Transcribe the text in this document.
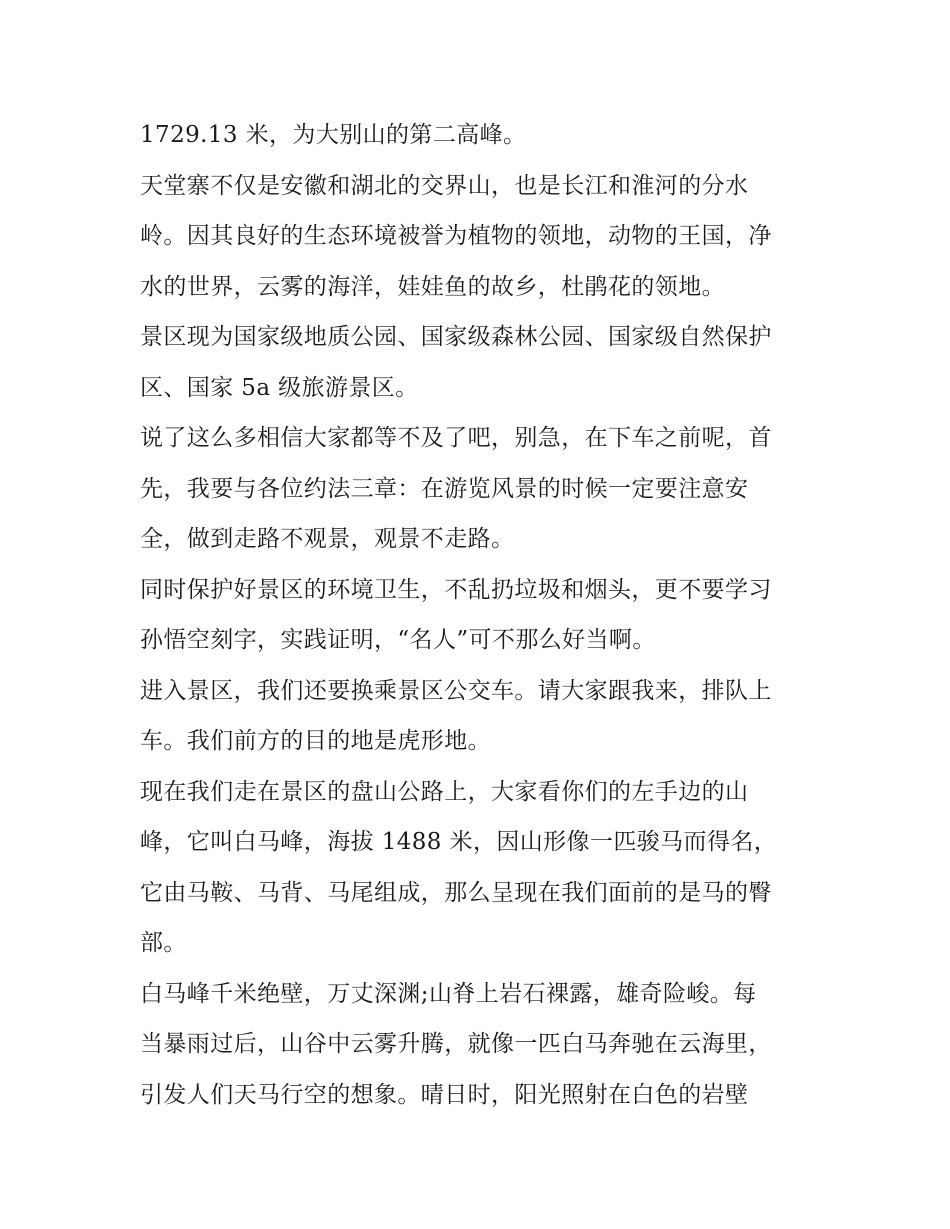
1729.13 米，为大别山的第二高峰。
天堂寨不仅是安徽和湖北的交界山，也是长江和淮河的分水
岭。因其良好的生态环境被誉为植物的领地，动物的王国，净
水的世界，云雾的海洋，娃娃鱼的故乡，杜鹃花的领地。
景区现为国家级地质公园、国家级森林公园、国家级自然保护
区、国家 5a 级旅游景区。
说了这么多相信大家都等不及了吧，别急，在下车之前呢，首
先，我要与各位约法三章：在游览风景的时候一定要注意安
全，做到走路不观景，观景不走路。
同时保护好景区的环境卫生，不乱扔垃圾和烟头，更不要学习
孙悟空刻字，实践证明，“名人”可不那么好当啊。
进入景区，我们还要换乘景区公交车。请大家跟我来，排队上
车。我们前方的目的地是虎形地。
现在我们走在景区的盘山公路上，大家看你们的左手边的山
峰，它叫白马峰，海拔 1488 米，因山形像一匹骏马而得名，
它由马鞍、马背、马尾组成，那么呈现在我们面前的是马的臀
部。
白马峰千米绝壁，万丈深渊;山脊上岩石裸露，雄奇险峻。每
当暴雨过后，山谷中云雾升腾，就像一匹白马奔驰在云海里，
引发人们天马行空的想象。晴日时，阳光照射在白色的岩壁
